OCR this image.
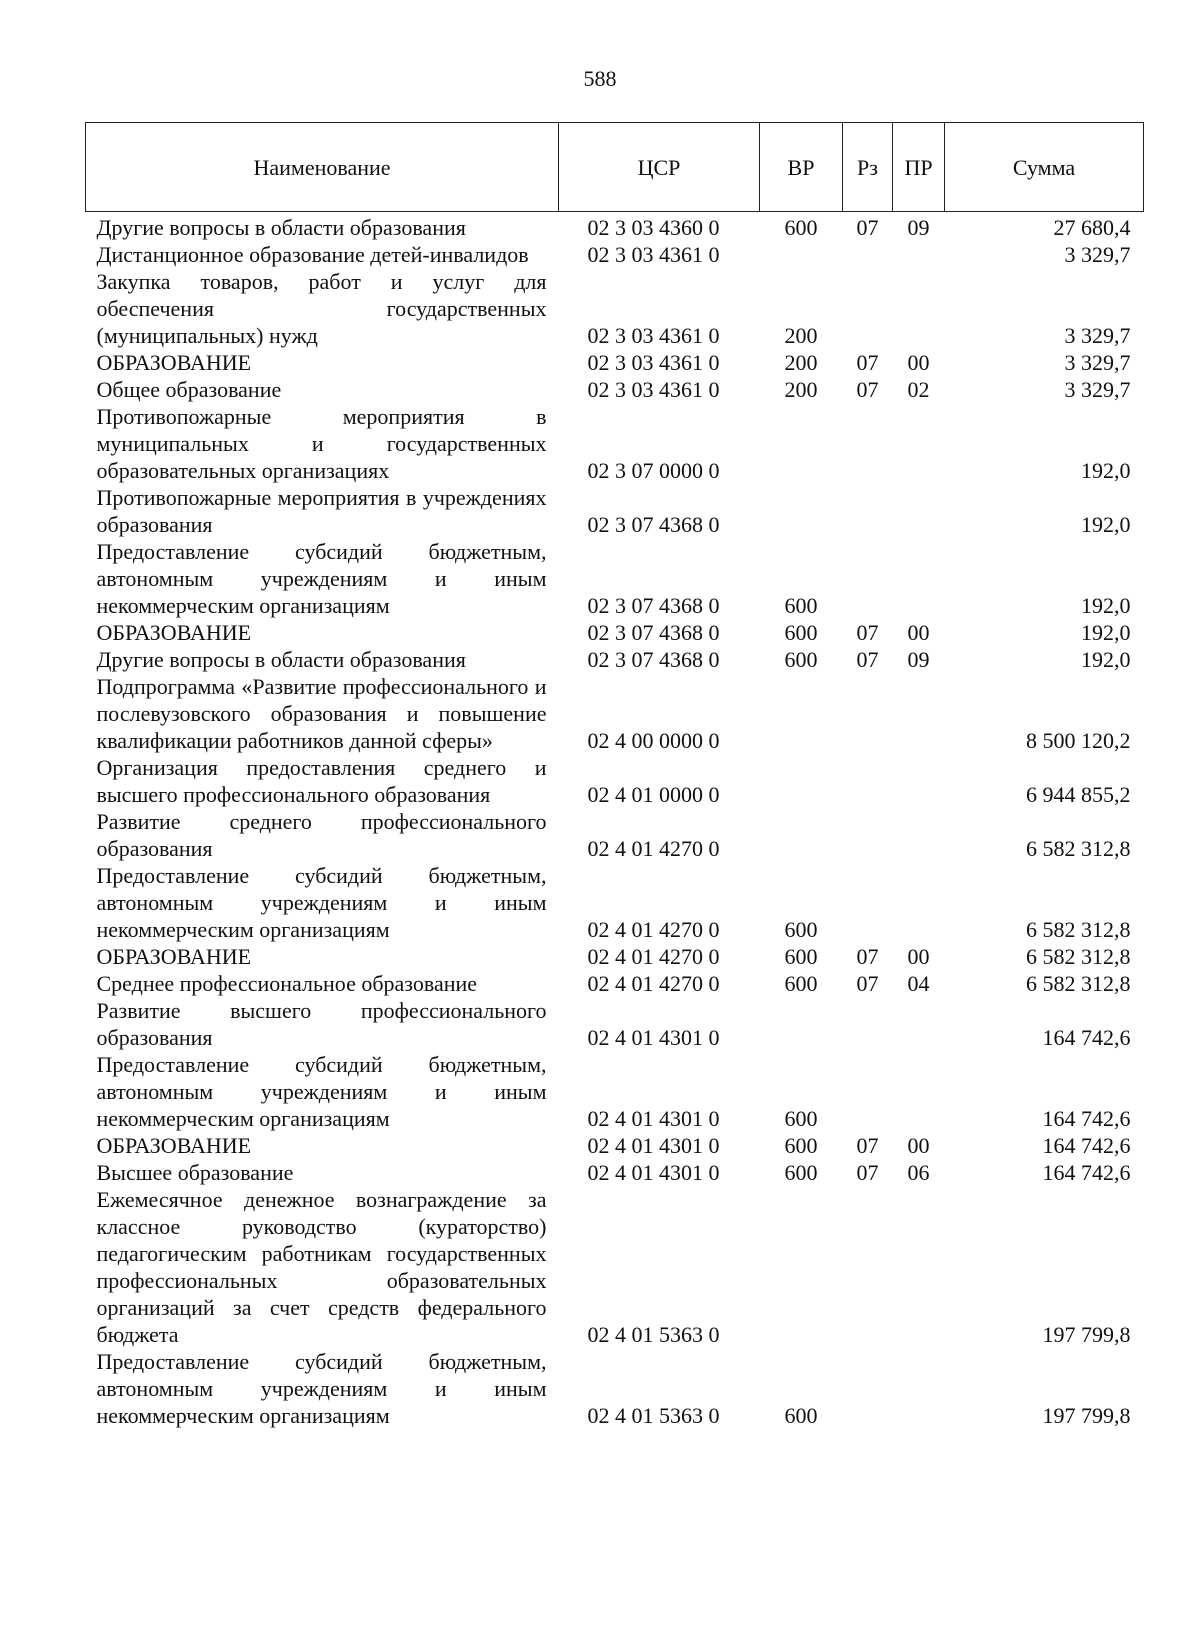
588
Наименование	ЦСР	ВР	Рз	ПР	Сумма
Другие вопросы в области образования	02 3 03 4360 0	600	07	09	27 680,4
Дистанционное образование детей-инвалидов	02 3 03 4361 0				3 329,7
Закупка товаров, работ и услуг для обеспечения государственных (муниципальных) нужд	02 3 03 4361 0	200			3 329,7
ОБРАЗОВАНИЕ	02 3 03 4361 0	200	07	00	3 329,7
Общее образование	02 3 03 4361 0	200	07	02	3 329,7
Противопожарные мероприятия в муниципальных и государственных образовательных организациях	02 3 07 0000 0				192,0
Противопожарные мероприятия в учреждениях образования	02 3 07 4368 0				192,0
Предоставление субсидий бюджетным, автономным учреждениям и иным некоммерческим организациям	02 3 07 4368 0	600			192,0
ОБРАЗОВАНИЕ	02 3 07 4368 0	600	07	00	192,0
Другие вопросы в области образования	02 3 07 4368 0	600	07	09	192,0
Подпрограмма «Развитие профессионального и послевузовского образования и повышение квалификации работников данной сферы»	02 4 00 0000 0				8 500 120,2
Организация предоставления среднего и высшего профессионального образования	02 4 01 0000 0				6 944 855,2
Развитие среднего профессионального образования	02 4 01 4270 0				6 582 312,8
Предоставление субсидий бюджетным, автономным учреждениям и иным некоммерческим организациям	02 4 01 4270 0	600			6 582 312,8
ОБРАЗОВАНИЕ	02 4 01 4270 0	600	07	00	6 582 312,8
Среднее профессиональное образование	02 4 01 4270 0	600	07	04	6 582 312,8
Развитие высшего профессионального образования	02 4 01 4301 0				164 742,6
Предоставление субсидий бюджетным, автономным учреждениям и иным некоммерческим организациям	02 4 01 4301 0	600			164 742,6
ОБРАЗОВАНИЕ	02 4 01 4301 0	600	07	00	164 742,6
Высшее образование	02 4 01 4301 0	600	07	06	164 742,6
Ежемесячное денежное вознаграждение за классное руководство (кураторство) педагогическим работникам государственных профессиональных образовательных организаций за счет средств федерального бюджета	02 4 01 5363 0				197 799,8
Предоставление субсидий бюджетным, автономным учреждениям и иным некоммерческим организациям	02 4 01 5363 0	600			197 799,8
